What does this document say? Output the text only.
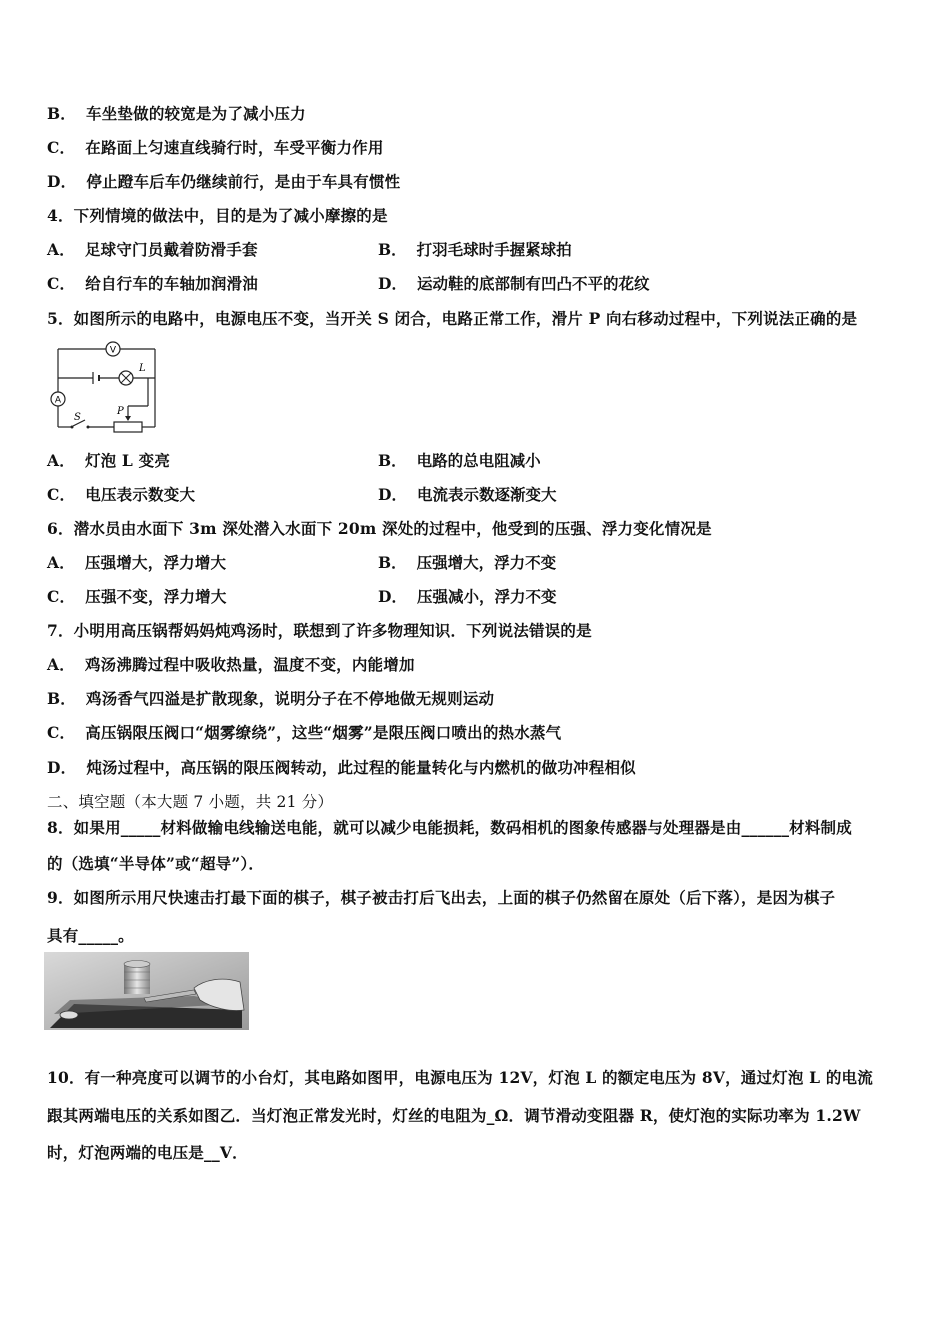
B． 车坐垫做的较宽是为了减小压力
C． 在路面上匀速直线骑行时，车受平衡力作用
D． 停止蹬车后车仍继续前行，是由于车具有惯性
4．下列情境的做法中，目的是为了减小摩擦的是
A． 足球守门员戴着防滑手套	B． 打羽毛球时手握紧球拍
C． 给自行车的车轴加润滑油	D． 运动鞋的底部制有凹凸不平的花纹
5．如图所示的电路中，电源电压不变，当开关 S 闭合，电路正常工作，滑片 P 向右移动过程中，下列说法正确的是
V
L
A
S
P
A． 灯泡 L 变亮	B． 电路的总电阻减小
C． 电压表示数变大	D． 电流表示数逐渐变大
6．潜水员由水面下 3m 深处潜入水面下 20m 深处的过程中，他受到的压强、浮力变化情况是
A． 压强增大，浮力增大	B． 压强增大，浮力不变
C． 压强不变，浮力增大	D． 压强减小，浮力不变
7．小明用高压锅帮妈妈炖鸡汤时，联想到了许多物理知识．下列说法错误的是
A． 鸡汤沸腾过程中吸收热量，温度不变，内能增加
B． 鸡汤香气四溢是扩散现象，说明分子在不停地做无规则运动
C． 高压锅限压阀口“烟雾缭绕”，这些“烟雾”是限压阀口喷出的热水蒸气
D． 炖汤过程中，高压锅的限压阀转动，此过程的能量转化与内燃机的做功冲程相似
二、填空题（本大题 7 小题，共 21 分）
8．如果用_____材料做输电线输送电能，就可以减少电能损耗，数码相机的图象传感器与处理器是由______材料制成
的（选填“半导体”或“超导”）．
9．如图所示用尺快速击打最下面的棋子，棋子被击打后飞出去，上面的棋子仍然留在原处（后下落），是因为棋子
具有_____。
10．有一种亮度可以调节的小台灯，其电路如图甲，电源电压为 12V，灯泡 L 的额定电压为 8V，通过灯泡 L 的电流
跟其两端电压的关系如图乙．当灯泡正常发光时，灯丝的电阻为_Ω．调节滑动变阻器 R，使灯泡的实际功率为 1.2W
时，灯泡两端的电压是__V．
